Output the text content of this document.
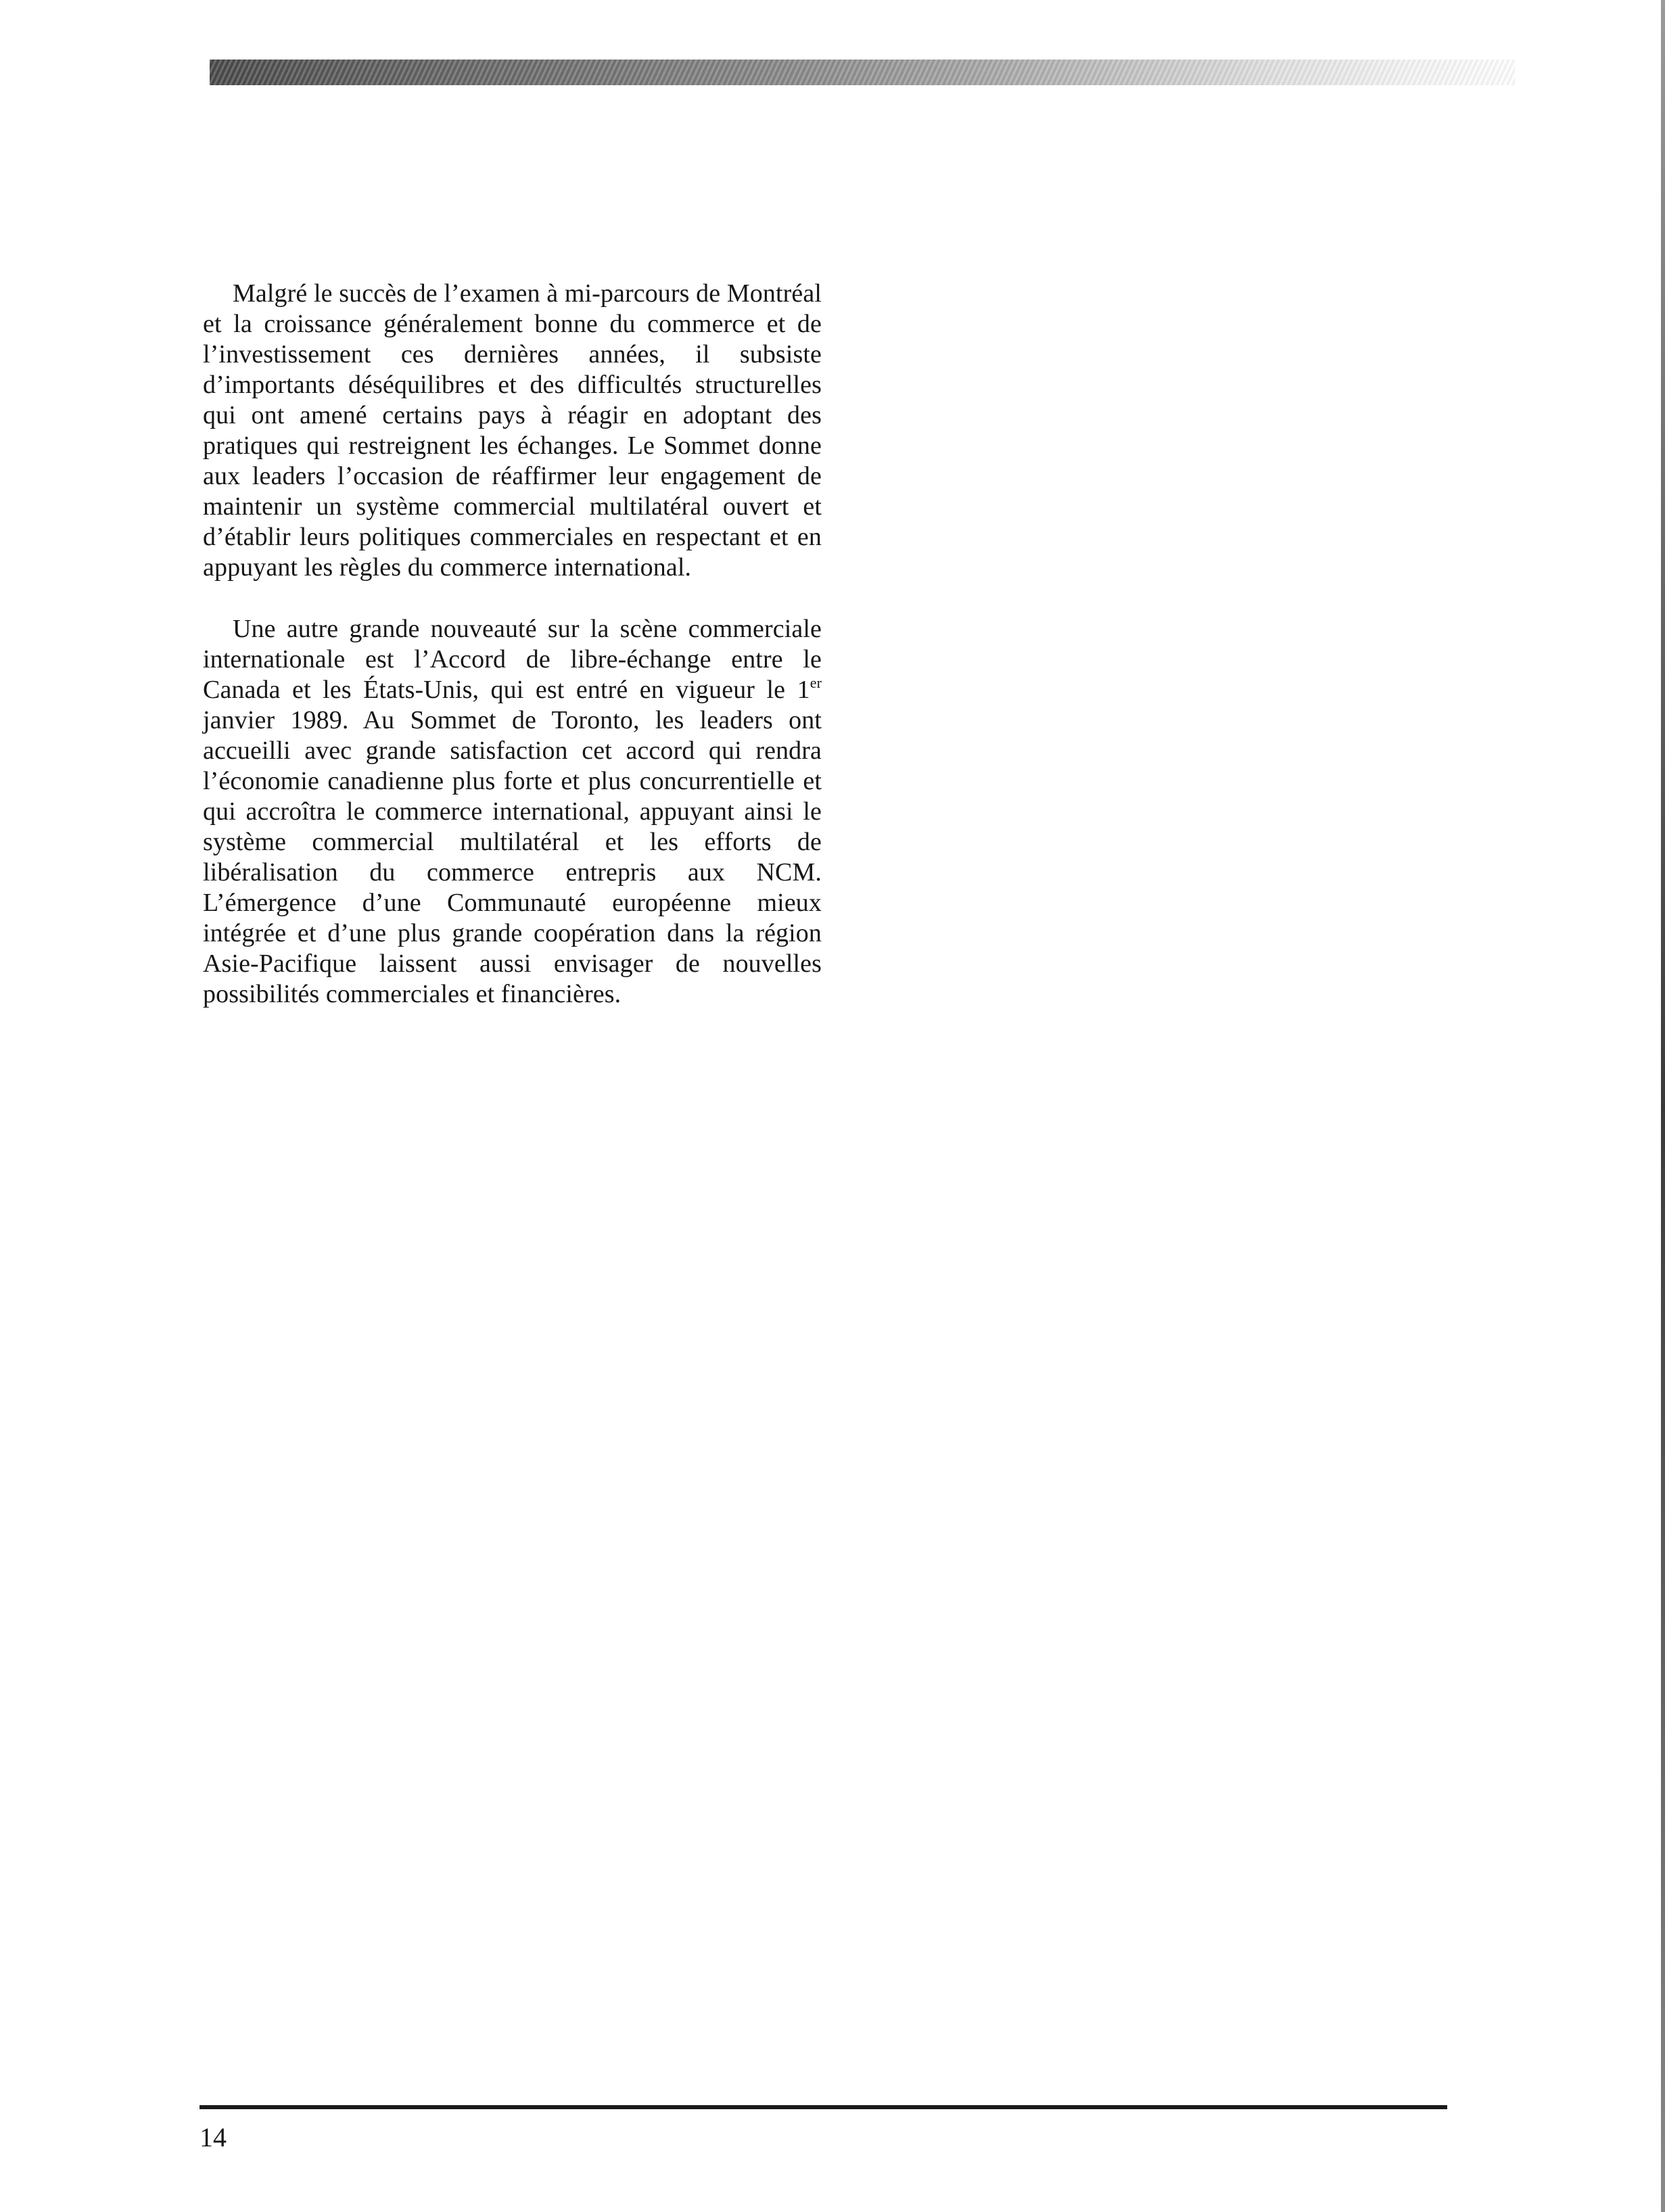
Malgré le succès de l’examen à mi-parcours de Montréal et la croissance généralement bonne du commerce et de l’investissement ces dernières années, il subsiste d’importants déséquilibres et des difficultés structurelles qui ont amené certains pays à réagir en adoptant des pratiques qui restreignent les échanges. Le Sommet donne aux leaders l’occasion de réaffirmer leur engagement de maintenir un système commercial multilatéral ouvert et d’établir leurs politiques commerciales en respectant et en appuyant les règles du commerce international.

Une autre grande nouveauté sur la scène commerciale internationale est l’Accord de libre-échange entre le Canada et les États-Unis, qui est entré en vigueur le 1er janvier 1989. Au Sommet de Toronto, les leaders ont accueilli avec grande satisfaction cet accord qui rendra l’économie canadienne plus forte et plus concurrentielle et qui accroîtra le commerce international, appuyant ainsi le système commercial multilatéral et les efforts de libéralisation du commerce entrepris aux NCM. L’émergence d’une Communauté européenne mieux intégrée et d’une plus grande coopération dans la région Asie-Pacifique laissent aussi envisager de nouvelles possibilités commerciales et financières.

14
